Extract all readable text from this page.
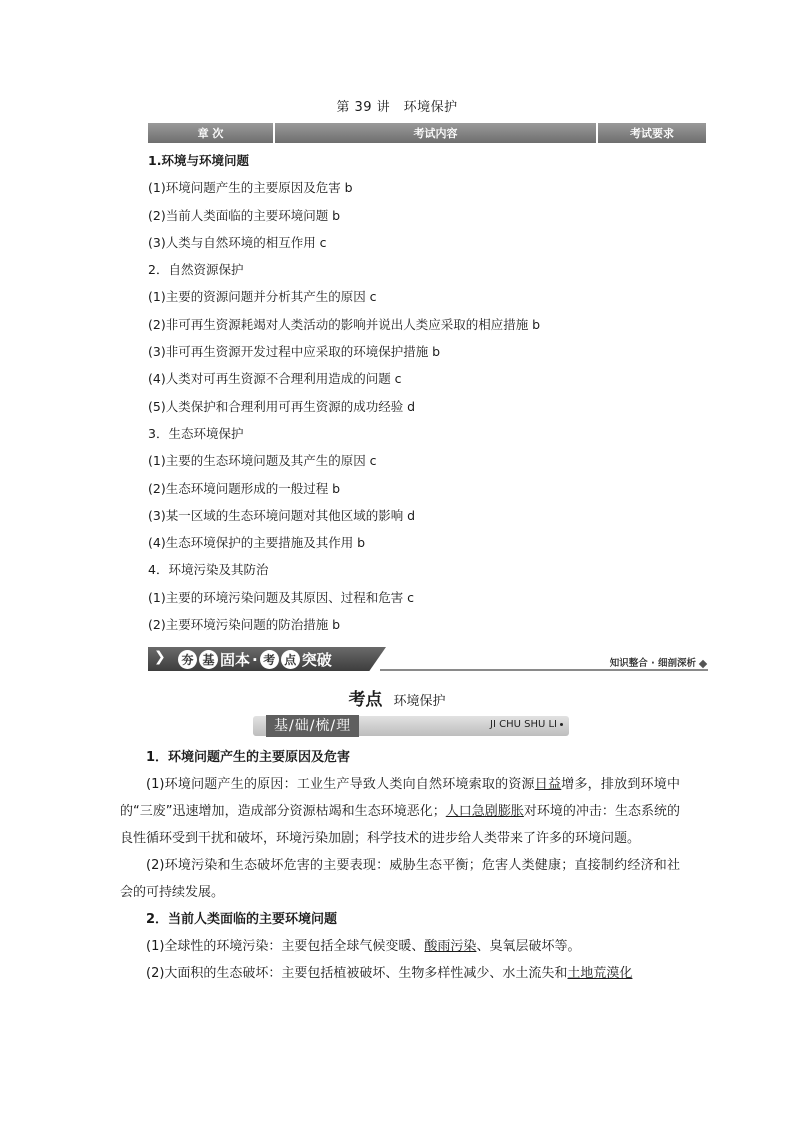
第 39 讲　环境保护
章 次	考试内容	考试要求
1.环境与环境问题
(1)环境问题产生的主要原因及危害 b
(2)当前人类面临的主要环境问题 b
(3)人类与自然环境的相互作用 c
2．自然资源保护
(1)主要的资源问题并分析其产生的原因 c
(2)非可再生资源耗竭对人类活动的影响并说出人类应采取的相应措施 b
(3)非可再生资源开发过程中应采取的环境保护措施 b
(4)人类对可再生资源不合理利用造成的问题 c
(5)人类保护和合理利用可再生资源的成功经验 d
3．生态环境保护
(1)主要的生态环境问题及其产生的原因 c
(2)生态环境问题形成的一般过程 b
(3)某一区域的生态环境问题对其他区域的影响 d
(4)生态环境保护的主要措施及其作用 b
4．环境污染及其防治
(1)主要的环境污染问题及其原因、过程和危害 c
(2)主要环境污染问题的防治措施 b
❯ 夯 基 固本 · 考 点 突破	知识整合 · 细剖深析
考点 环境保护
基/础/梳/理	JI CHU SHU LI

1．环境问题产生的主要原因及危害

(1)环境问题产生的原因：工业生产导致人类向自然环境索取的资源日益增多，排放到环境中的“三废”迅速增加，造成部分资源枯竭和生态环境恶化；人口急剧膨胀对环境的冲击：生态系统的良性循环受到干扰和破坏，环境污染加剧；科学技术的进步给人类带来了许多的环境问题。

(2)环境污染和生态破坏危害的主要表现：威胁生态平衡；危害人类健康；直接制约经济和社会的可持续发展。

2．当前人类面临的主要环境问题

(1)全球性的环境污染：主要包括全球气候变暖、酸雨污染、臭氧层破坏等。

(2)大面积的生态破坏：主要包括植被破坏、生物多样性减少、水土流失和土地荒漠化
